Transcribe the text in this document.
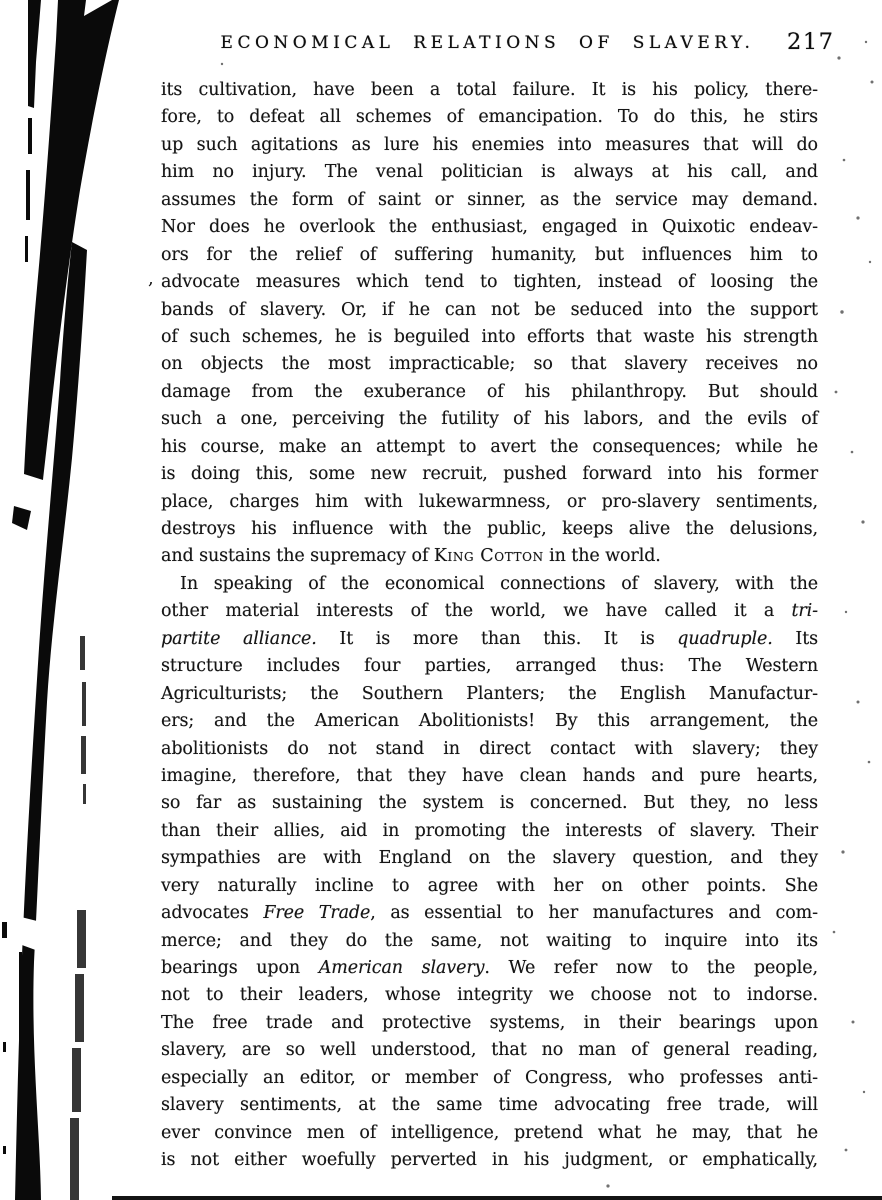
ECONOMICAL RELATIONS OF SLAVERY.	217
,
its cultivation, have been a total failure. It is his policy, there-
fore, to defeat all schemes of emancipation. To do this, he stirs
up such agitations as lure his enemies into measures that will do
him no injury. The venal politician is always at his call, and
assumes the form of saint or sinner, as the service may demand.
Nor does he overlook the enthusiast, engaged in Quixotic endeav-
ors for the relief of suffering humanity, but influences him to
advocate measures which tend to tighten, instead of loosing the
bands of slavery. Or, if he can not be seduced into the support
of such schemes, he is beguiled into efforts that waste his strength
on objects the most impracticable; so that slavery receives no
damage from the exuberance of his philanthropy. But should
such a one, perceiving the futility of his labors, and the evils of
his course, make an attempt to avert the consequences; while he
is doing this, some new recruit, pushed forward into his former
place, charges him with lukewarmness, or pro-slavery sentiments,
destroys his influence with the public, keeps alive the delusions,
and sustains the supremacy of King Cotton in the world.
In speaking of the economical connections of slavery, with the
other material interests of the world, we have called it a tri-
partite alliance. It is more than this. It is quadruple. Its
structure includes four parties, arranged thus: The Western
Agriculturists; the Southern Planters; the English Manufactur-
ers; and the American Abolitionists! By this arrangement, the
abolitionists do not stand in direct contact with slavery; they
imagine, therefore, that they have clean hands and pure hearts,
so far as sustaining the system is concerned. But they, no less
than their allies, aid in promoting the interests of slavery. Their
sympathies are with England on the slavery question, and they
very naturally incline to agree with her on other points. She
advocates Free Trade, as essential to her manufactures and com-
merce; and they do the same, not waiting to inquire into its
bearings upon American slavery. We refer now to the people,
not to their leaders, whose integrity we choose not to indorse.
The free trade and protective systems, in their bearings upon
slavery, are so well understood, that no man of general reading,
especially an editor, or member of Congress, who professes anti-
slavery sentiments, at the same time advocating free trade, will
ever convince men of intelligence, pretend what he may, that he
is not either woefully perverted in his judgment, or emphatically,
